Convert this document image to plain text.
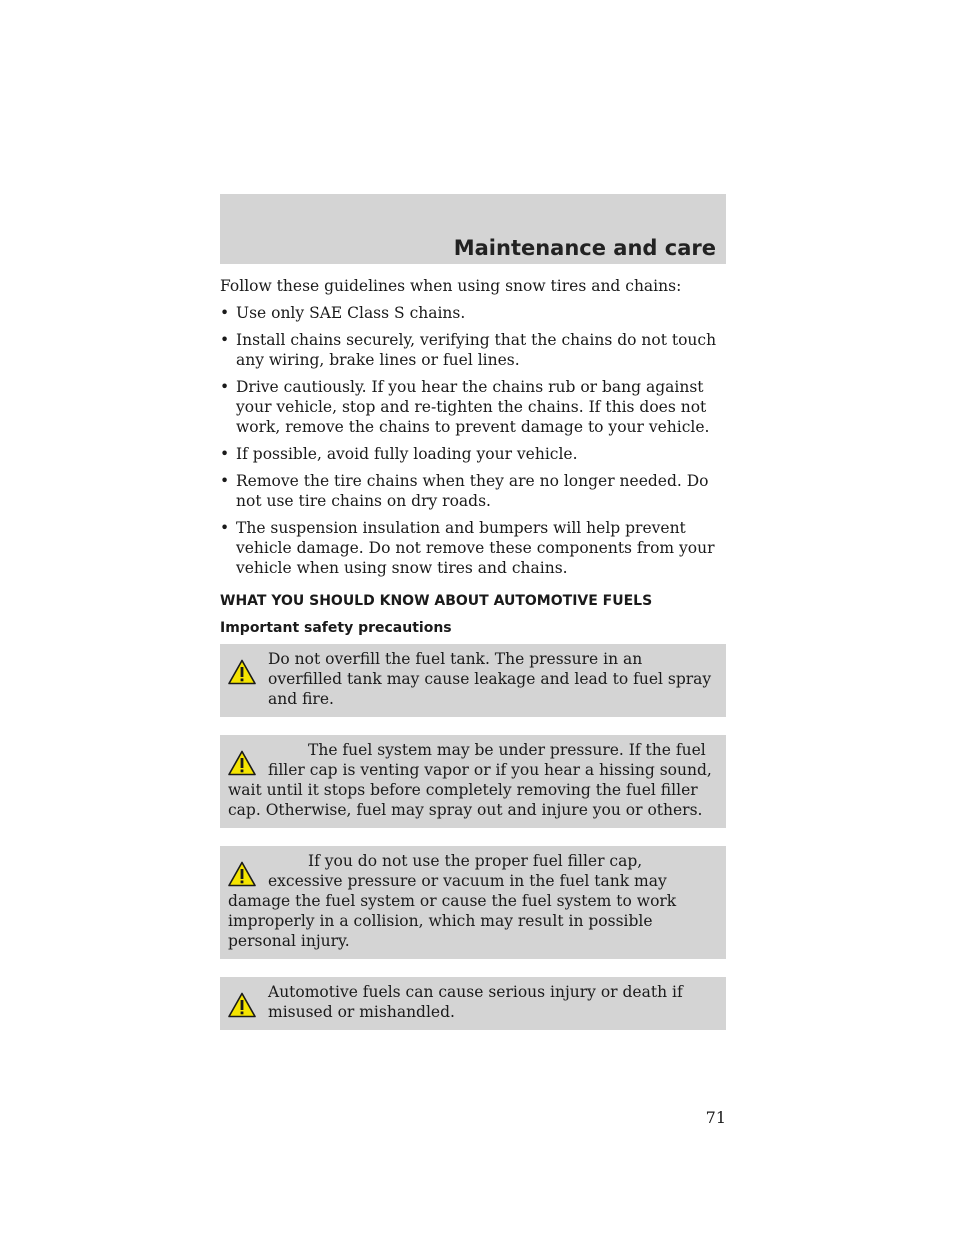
Maintenance and care

Follow these guidelines when using snow tires and chains:

• Use only SAE Class S chains.
• Install chains securely, verifying that the chains do not touch any wiring, brake lines or fuel lines.
• Drive cautiously. If you hear the chains rub or bang against your vehicle, stop and re-tighten the chains. If this does not work, remove the chains to prevent damage to your vehicle.
• If possible, avoid fully loading your vehicle.
• Remove the tire chains when they are no longer needed. Do not use tire chains on dry roads.
• The suspension insulation and bumpers will help prevent vehicle damage. Do not remove these components from your vehicle when using snow tires and chains.
WHAT YOU SHOULD KNOW ABOUT AUTOMOTIVE FUELS
Important safety precautions

Do not overfill the fuel tank. The pressure in an overfilled tank may cause leakage and lead to fuel spray and fire.

The fuel system may be under pressure. If the fuel filler cap is venting vapor or if you hear a hissing sound, wait until it stops before completely removing the fuel filler cap. Otherwise, fuel may spray out and injure you or others.

If you do not use the proper fuel filler cap, excessive pressure or vacuum in the fuel tank may damage the fuel system or cause the fuel system to work improperly in a collision, which may result in possible personal injury.

Automotive fuels can cause serious injury or death if misused or mishandled.

71
